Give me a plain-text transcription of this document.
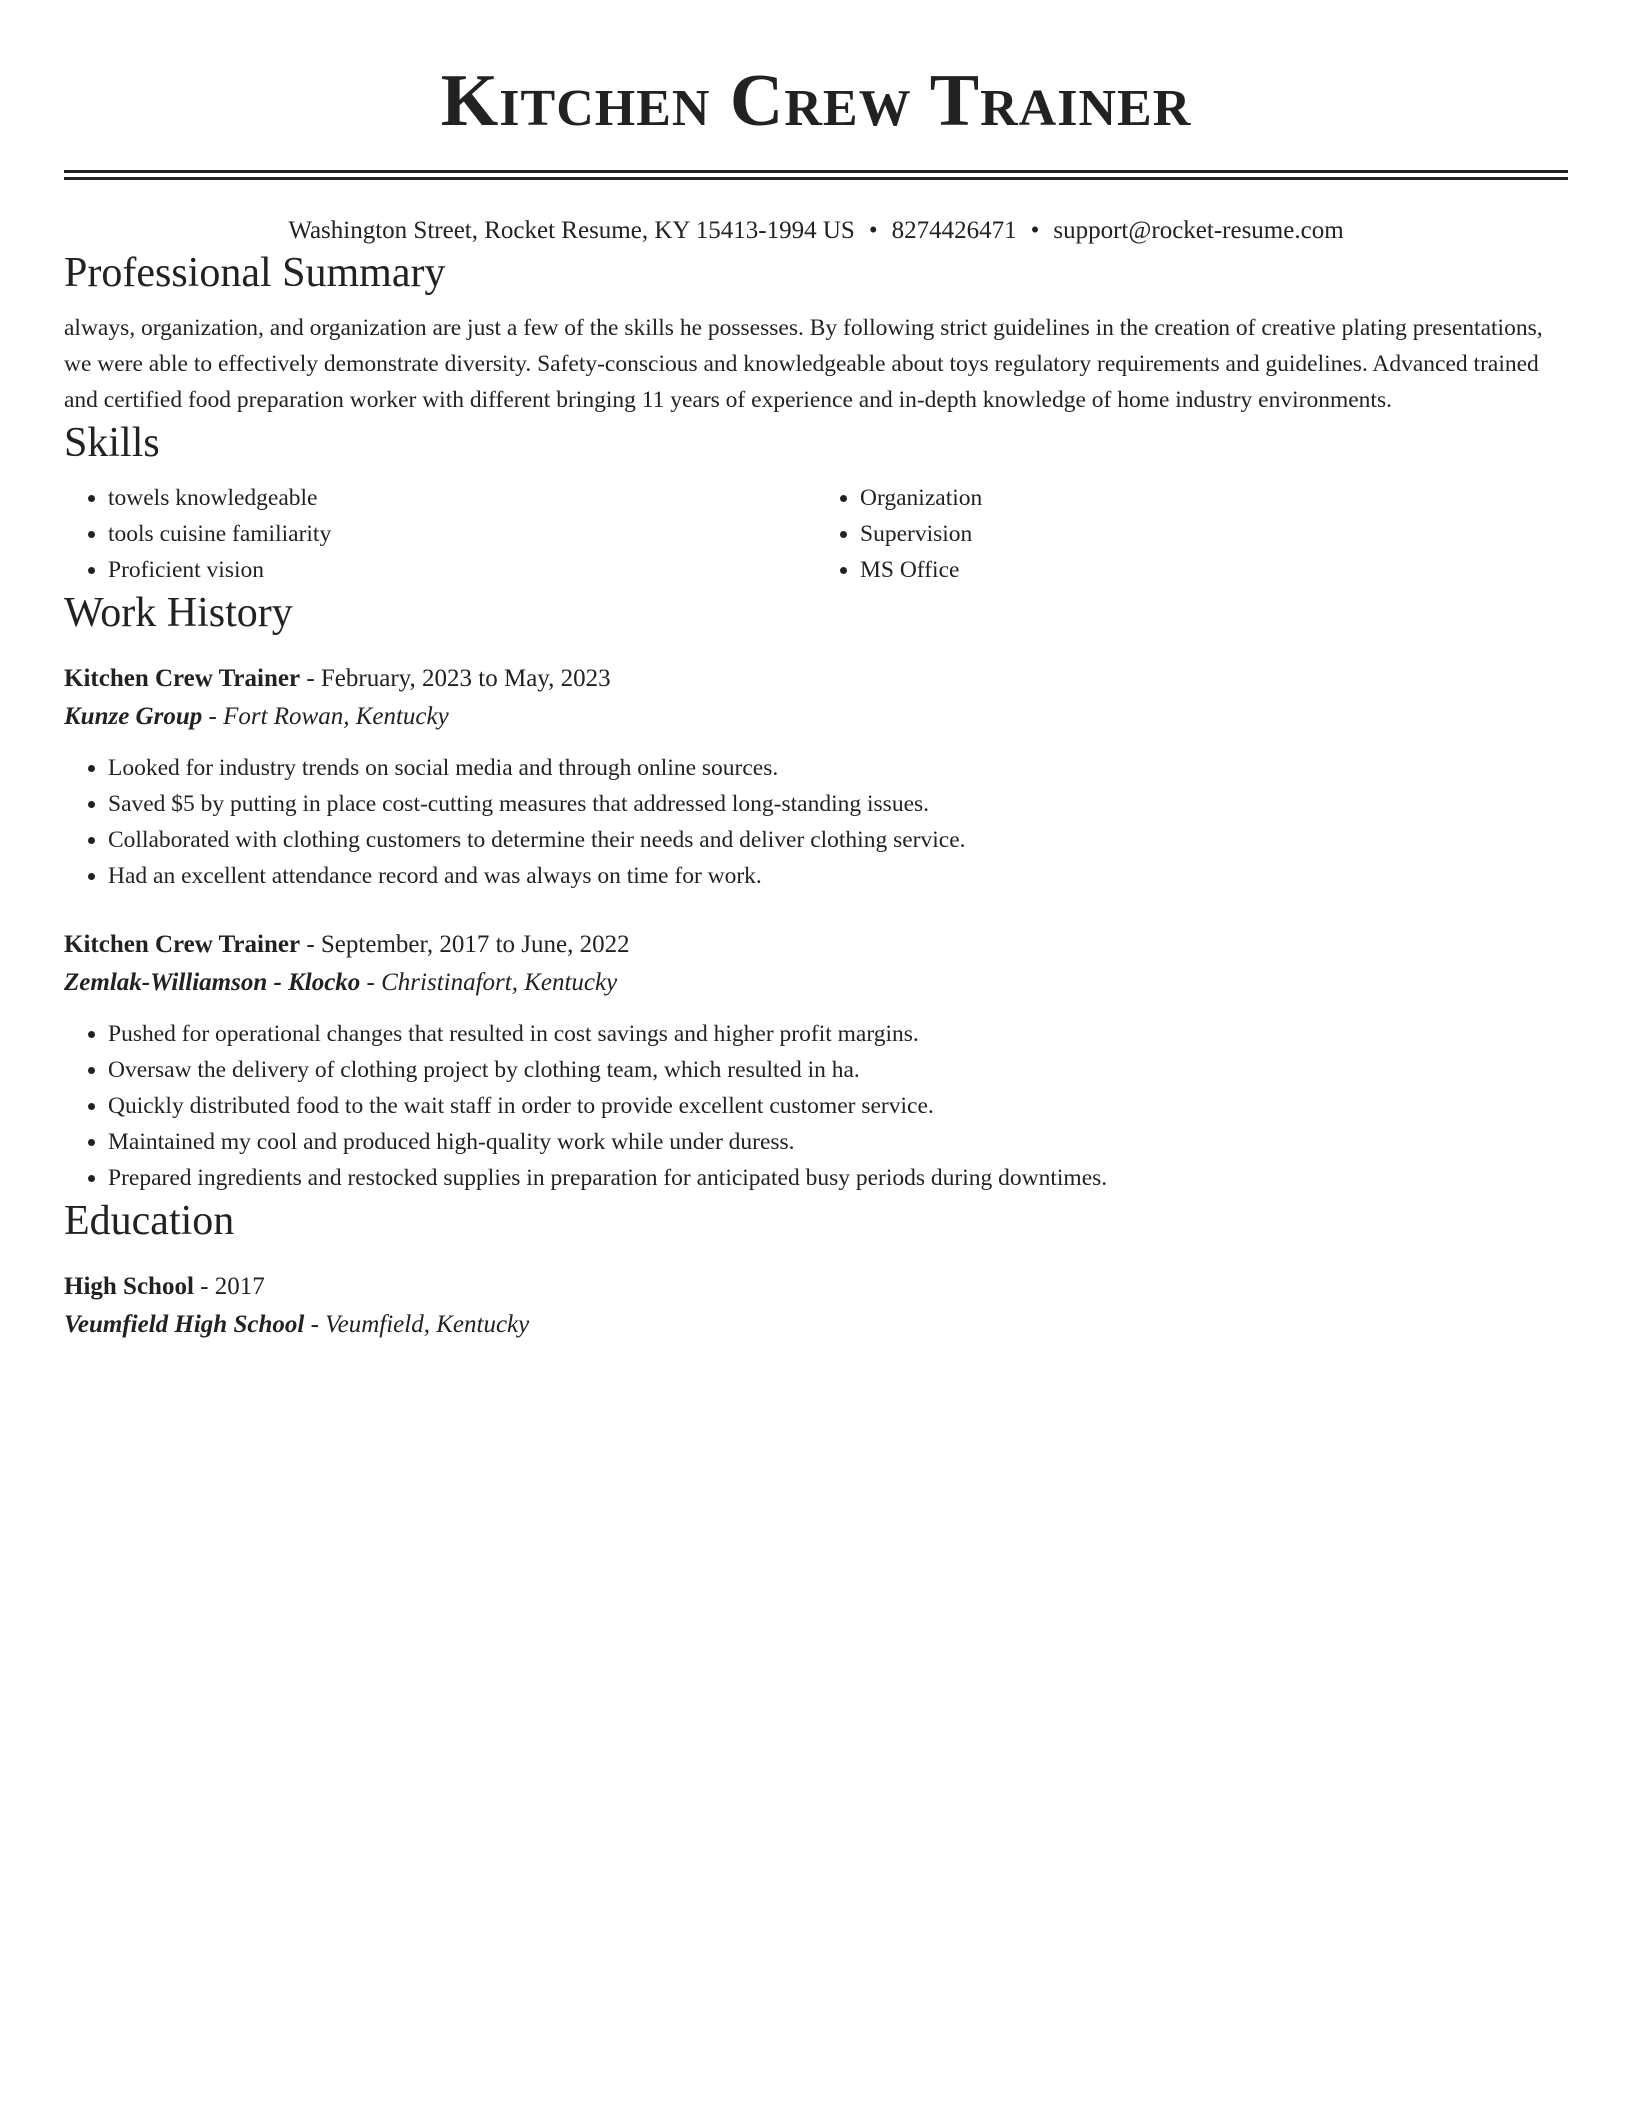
Kitchen Crew Trainer
Washington Street, Rocket Resume, KY 15413-1994 US • 8274426471 • support@rocket-resume.com
Professional Summary

always, organization, and organization are just a few of the skills he possesses. By following strict guidelines in the creation of creative plating presentations, we were able to effectively demonstrate diversity. Safety-conscious and knowledgeable about toys regulatory requirements and guidelines. Advanced trained and certified food preparation worker with different bringing 11 years of experience and in-depth knowledge of home industry environments.

Skills
• towels knowledgeable
• tools cuisine familiarity
• Proficient vision
• Organization
• Supervision
• MS Office
Work History
Kitchen Crew Trainer - February, 2023 to May, 2023
Kunze Group - Fort Rowan, Kentucky
• Looked for industry trends on social media and through online sources.
• Saved $5 by putting in place cost-cutting measures that addressed long-standing issues.
• Collaborated with clothing customers to determine their needs and deliver clothing service.
• Had an excellent attendance record and was always on time for work.
Kitchen Crew Trainer - September, 2017 to June, 2022
Zemlak-Williamson - Klocko - Christinafort, Kentucky
• Pushed for operational changes that resulted in cost savings and higher profit margins.
• Oversaw the delivery of clothing project by clothing team, which resulted in ha.
• Quickly distributed food to the wait staff in order to provide excellent customer service.
• Maintained my cool and produced high-quality work while under duress.
• Prepared ingredients and restocked supplies in preparation for anticipated busy periods during downtimes.
Education
High School - 2017
Veumfield High School - Veumfield, Kentucky
